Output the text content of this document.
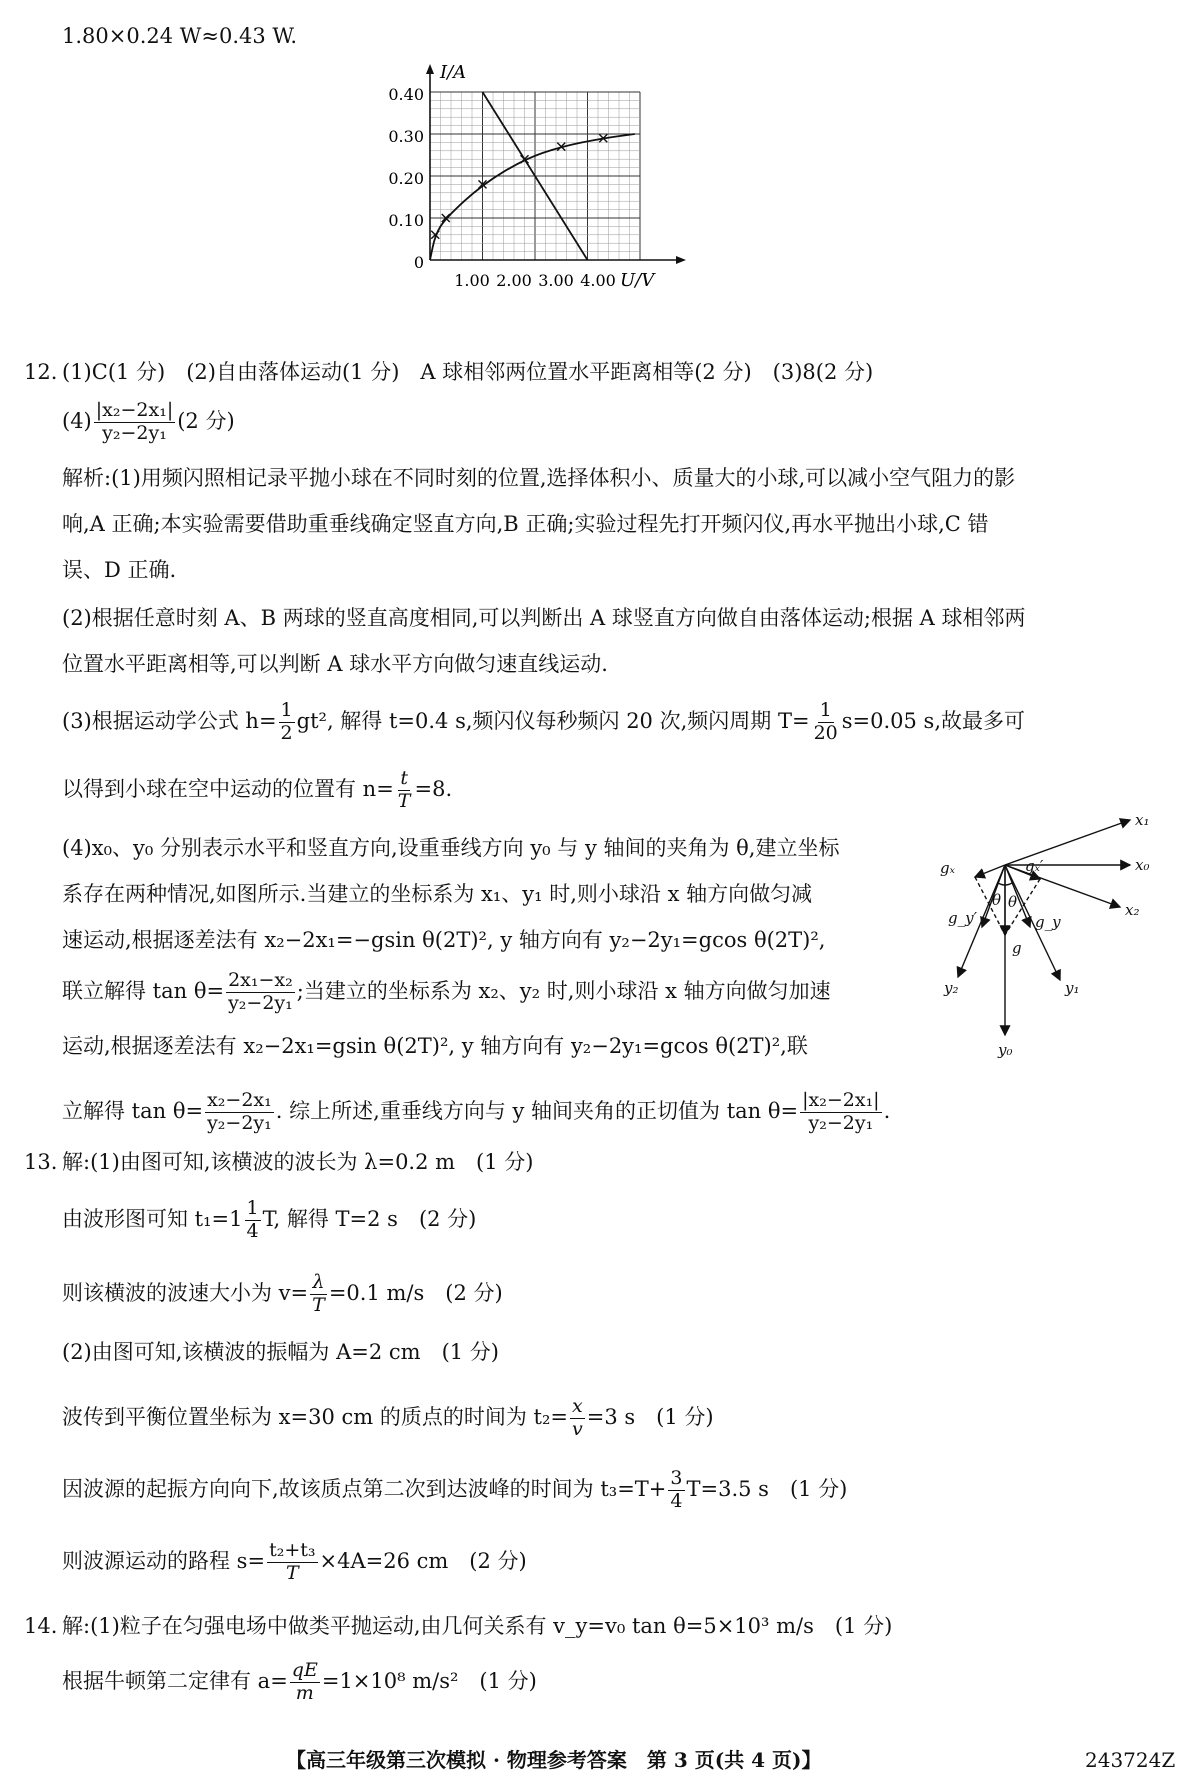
1.80×0.24 W≈0.43 W.
I/A
U/V
0.40
0.30
0.20
0.10
0
1.00 2.00 3.00 4.00
12. (1)C(1 分)　(2)自由落体运动(1 分)　A 球相邻两位置水平距离相等(2 分)　(3)8(2 分)
$(4) \frac{\text{|x₂−2x₁|}}{\text{y₂−2y₁}} (2$ 分)
解析:(1)用频闪照相记录平抛小球在不同时刻的位置,选择体积小、质量大的小球,可以减小空气阻力的影
响,A 正确;本实验需要借助重垂线确定竖直方向,B 正确;实验过程先打开频闪仪,再水平抛出小球,C 错
误、D 正确.
(2)根据任意时刻 A、B 两球的竖直高度相同,可以判断出 A 球竖直方向做自由落体运动;根据 A 球相邻两
位置水平距离相等,可以判断 A 球水平方向做匀速直线运动.
(3)根据运动学公式 $h= \frac{1}{2} gt^2$, 解得 t=0.4 s,频闪仪每秒频闪 20 次,频闪周期 $T= \frac{1}{20} s=0.05$ s,故最多可
以得到小球在空中运动的位置有 $n= \frac{t}{T} =8$.
(4)x₀、y₀ 分别表示水平和竖直方向,设重垂线方向 y₀ 与 y 轴间的夹角为 θ,建立坐标
系存在两种情况,如图所示.当建立的坐标系为 x₁、y₁ 时,则小球沿 x 轴方向做匀减
速运动,根据逐差法有 x₂−2x₁=−gsin θ(2T)², y 轴方向有 y₂−2y₁=gcos θ(2T)²,
联立解得 $\tan \theta= \frac{\text{2x₁−x₂}}{\text{y₂−2y₁}}$ ;当建立的坐标系为 x₂、y₂ 时,则小球沿 x 轴方向做匀加速
运动,根据逐差法有 x₂−2x₁=gsin θ(2T)², y 轴方向有 y₂−2y₁=gcos θ(2T)²,联
立解得 $\tan \theta= \frac{\text{x₂−2x₁}}{\text{y₂−2y₁}}$ . 综上所述,重垂线方向与 y 轴间夹角的正切值为 $\tan \theta= \frac{\text{|x₂−2x₁|}}{\text{y₂−2y₁}}$ .
x₁
x₀
x₂
gₓ	gₓ′
g_y′	g_y
g
θ θ
y₂	y₁
y₀
13. 解:(1)由图可知,该横波的波长为 λ=0.2 m　(1 分)
由波形图可知 $t_1=1 \frac{1}{4} T$, 解得 T=2 s　(2 分)
则该横波的波速大小为 $v= \frac{\lambda}{T} =0.1$ m/s　(2 分)
(2)由图可知,该横波的振幅为 A=2 cm　(1 分)
波传到平衡位置坐标为 x=30 cm 的质点的时间为 $t_2= \frac{x}{v} =3$ s　(1 分)
因波源的起振方向向下,故该质点第二次到达波峰的时间为 $t_3=T+ \frac{3}{4} T=3.5$ s　(1 分)
则波源运动的路程 $s= \frac{\text{t₂+t₃}}{T} \times 4A=26$ cm　(2 分)
14. 解:(1)粒子在匀强电场中做类平抛运动,由几何关系有 v_y=v₀ tan θ=5×10³ m/s　(1 分)
根据牛顿第二定律有 $a= \frac{qE}{m} =1\times 10^8$ m/s²　(1 分)
【高三年级第三次模拟 · 物理参考答案　第 3 页(共 4 页)】	243724Z
